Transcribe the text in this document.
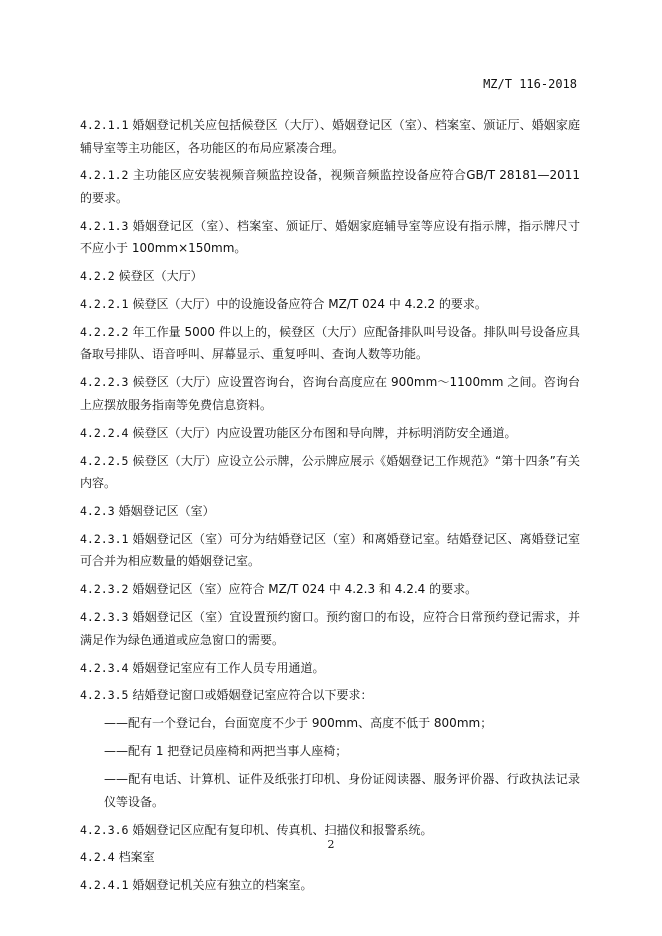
MZ/T 116-2018

4.2.1.1 婚姻登记机关应包括候登区（大厅）、婚姻登记区（室）、档案室、颁证厅、婚姻家庭辅导室等主功能区，各功能区的布局应紧凑合理。

4.2.1.2 主功能区应安装视频音频监控设备，视频音频监控设备应符合GB/T 28181—2011的要求。

4.2.1.3 婚姻登记区（室）、档案室、颁证厅、婚姻家庭辅导室等应设有指示牌，指示牌尺寸不应小于 100mm×150mm。

4.2.2 候登区（大厅）

4.2.2.1 候登区（大厅）中的设施设备应符合 MZ/T 024 中 4.2.2 的要求。

4.2.2.2 年工作量 5000 件以上的，候登区（大厅）应配备排队叫号设备。排队叫号设备应具备取号排队、语音呼叫、屏幕显示、重复呼叫、查询人数等功能。

4.2.2.3 候登区（大厅）应设置咨询台，咨询台高度应在 900mm～1100mm 之间。咨询台上应摆放服务指南等免费信息资料。

4.2.2.4 候登区（大厅）内应设置功能区分布图和导向牌，并标明消防安全通道。

4.2.2.5 候登区（大厅）应设立公示牌，公示牌应展示《婚姻登记工作规范》“第十四条”有关内容。

4.2.3 婚姻登记区（室）

4.2.3.1 婚姻登记区（室）可分为结婚登记区（室）和离婚登记室。结婚登记区、离婚登记室可合并为相应数量的婚姻登记室。

4.2.3.2 婚姻登记区（室）应符合 MZ/T 024 中 4.2.3 和 4.2.4 的要求。

4.2.3.3 婚姻登记区（室）宜设置预约窗口。预约窗口的布设，应符合日常预约登记需求，并满足作为绿色通道或应急窗口的需要。

4.2.3.4 婚姻登记室应有工作人员专用通道。

4.2.3.5 结婚登记窗口或婚姻登记室应符合以下要求：

——配有一个登记台，台面宽度不少于 900mm、高度不低于 800mm；

——配有 1 把登记员座椅和两把当事人座椅；

——配有电话、计算机、证件及纸张打印机、身份证阅读器、服务评价器、行政执法记录仪等设备。

4.2.3.6 婚姻登记区应配有复印机、传真机、扫描仪和报警系统。

4.2.4 档案室

4.2.4.1 婚姻登记机关应有独立的档案室。

2
